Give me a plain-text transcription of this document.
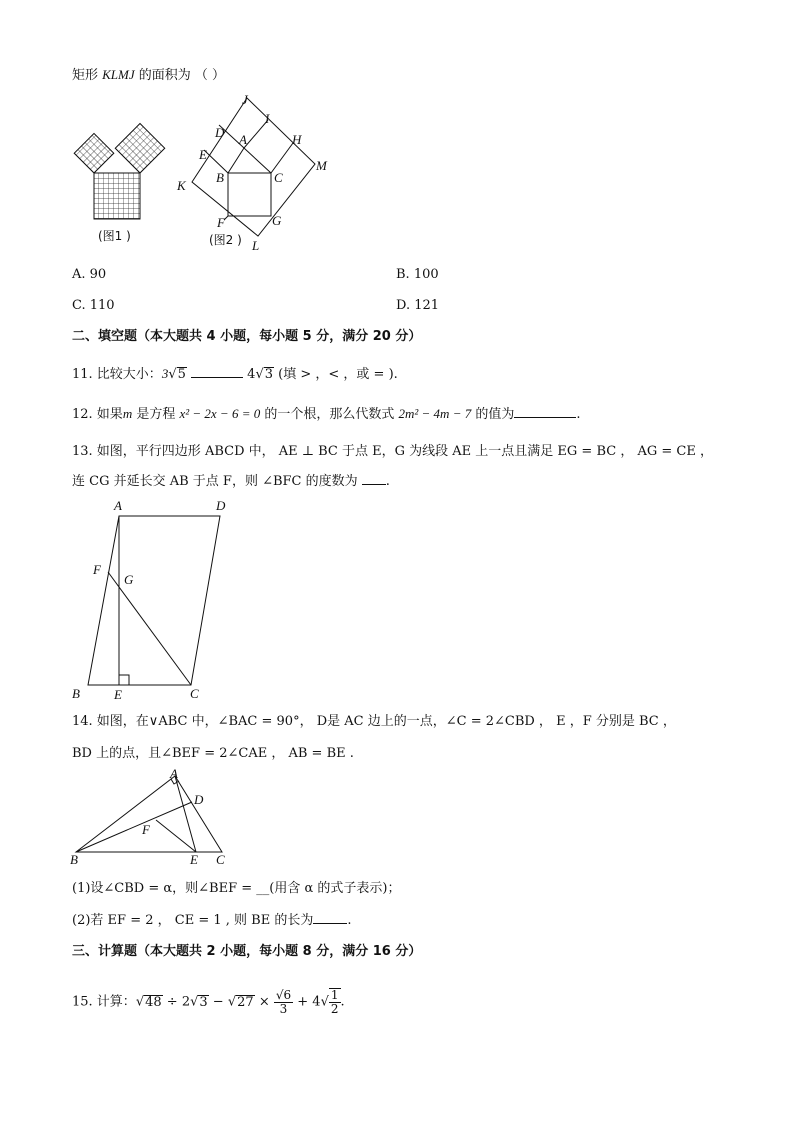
矩形 KLMJ 的面积为 （ ）
(图1 )
J
I
H
M
D A
E
B	C
K
F	G
L
(图2 )
A. 90	B. 100
C. 110	D. 121
二、填空题（本大题共 4 小题，每小题 5 分，满分 20 分）
11. 比较大小：3√5	4√3 (填 > ，< ，或 = ).
12. 如果m 是方程 x² − 2x − 6 = 0 的一个根，那么代数式 2m² − 4m − 7 的值为	.
13. 如图，平行四边形 ABCD 中， AE ⊥ BC 于点 E，G 为线段 AE 上一点且满足 EG = BC ， AG = CE ，
连 CG 并延长交 AB 于点 F，则 ∠BFC 的度数为 .
A	D
F
G
B	E	C
14. 如图，在∨ABC 中，∠BAC = 90°， D是 AC 边上的一点，∠C = 2∠CBD ， E ，F 分别是 BC ，
BD 上的点，且∠BEF = 2∠CAE ， AB = BE .
A
D
F
B	E C
(1)设∠CBD = α，则∠BEF = __(用含 α 的式子表示)；
(2)若 EF = 2 ， CE = 1 , 则 BE 的长为	.
三、计算题（本大题共 2 小题，每小题 8 分，满分 16 分）
15. 计算：$√48 \div 2√3 - √27 \times \frac{√6}{3} + 4√ \frac{1}{2}$ .
